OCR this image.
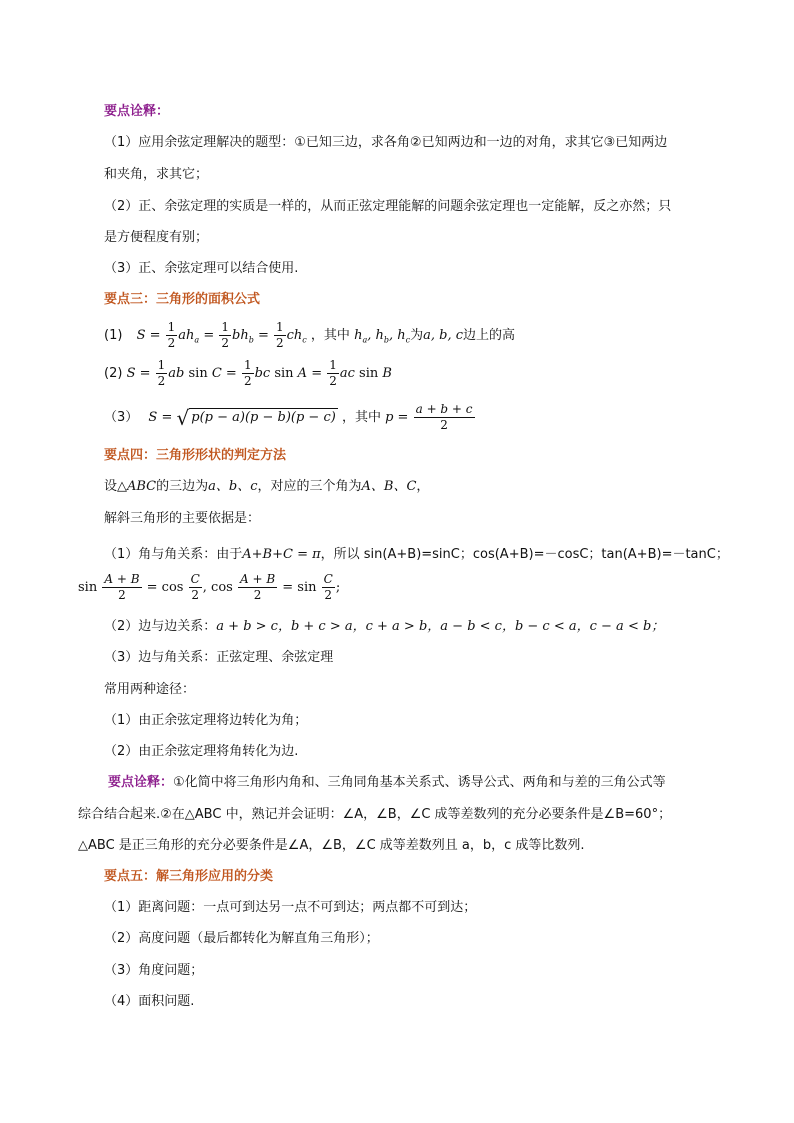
要点诠释：
（1）应用余弦定理解决的题型：①已知三边，求各角②已知两边和一边的对角，求其它③已知两边
和夹角，求其它；
（2）正、余弦定理的实质是一样的，从而正弦定理能解的问题余弦定理也一定能解，反之亦然；只
是方便程度有别；
（3）正、余弦定理可以结合使用.
要点三：三角形的面积公式
(1) $S = \frac{1}{2} ah_a = \frac{1}{2} bh_b = \frac{1}{2} ch_c$ ，其中 $h_a$, $h_b$, $h_c$为a, b, c边上的高
(2) $S = \frac{1}{2}$ ab $\sin C = \frac{1}{2}$ bc $\sin A = \frac{1}{2}$ ac sin B
（3） S = √ p(p − a)(p − b)(p − c) ，其中 $p = \frac{a + b + c}{2}$
要点四：三角形形状的判定方法
设△ABC的三边为a、b、c，对应的三个角为A、B、C，
解斜三角形的主要依据是：
（1）角与角关系：由于A+B+C = π，所以 sin(A+B)=sinC；cos(A+B)=－cosC；tan(A+B)=－tanC；
$\sin \frac{A + B}{2} = \cos \frac{C}{2}$ , $\cos \frac{A + B}{2} = \sin \frac{C}{2}$ ;
（2）边与边关系：a + b > c，b + c > a，c + a > b，a − b < c，b − c < a，c − a < b；
（3）边与角关系：正弦定理、余弦定理
常用两种途径：
（1）由正余弦定理将边转化为角；
（2）由正余弦定理将角转化为边.
要点诠释：①化简中将三角形内角和、三角同角基本关系式、诱导公式、两角和与差的三角公式等
综合结合起来.②在△ABC 中，熟记并会证明：∠A，∠B，∠C 成等差数列的充分必要条件是∠B=60°；
△ABC 是正三角形的充分必要条件是∠A，∠B，∠C 成等差数列且 a，b，c 成等比数列.
要点五：解三角形应用的分类
（1）距离问题：一点可到达另一点不可到达；两点都不可到达；
（2）高度问题（最后都转化为解直角三角形）；
（3）角度问题；
（4）面积问题.
